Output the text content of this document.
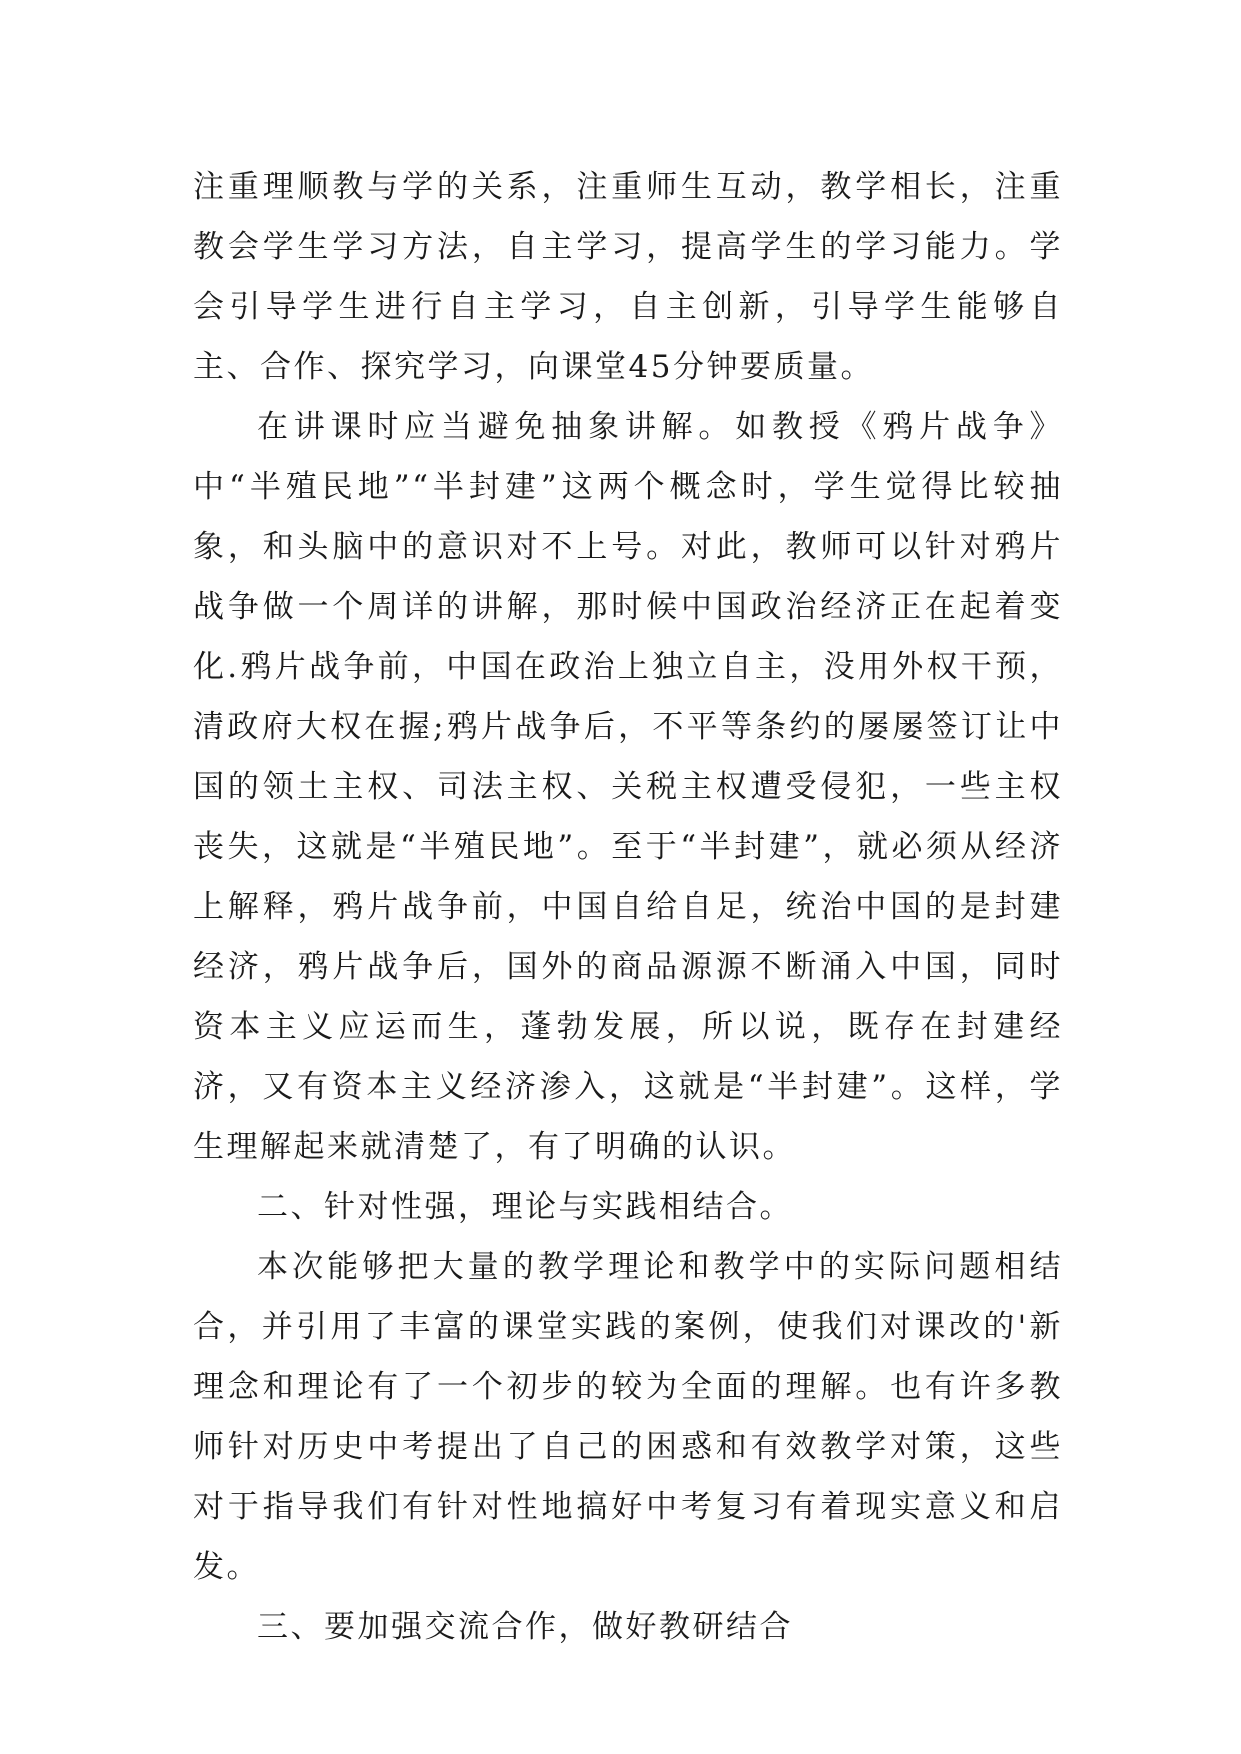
注重理顺教与学的关系，注重师生互动，教学相长，注重教会学生学习方法，自主学习，提高学生的学习能力。学会引导学生进行自主学习，自主创新，引导学生能够自主、合作、探究学习，向课堂45分钟要质量。

在讲课时应当避免抽象讲解。如教授《鸦片战争》中“半殖民地”“半封建”这两个概念时，学生觉得比较抽象，和头脑中的意识对不上号。对此，教师可以针对鸦片战争做一个周详的讲解，那时候中国政治经济正在起着变化.鸦片战争前，中国在政治上独立自主，没用外权干预，清政府大权在握;鸦片战争后，不平等条约的屡屡签订让中国的领土主权、司法主权、关税主权遭受侵犯，一些主权丧失，这就是“半殖民地”。至于“半封建”，就必须从经济上解释，鸦片战争前，中国自给自足，统治中国的是封建经济，鸦片战争后，国外的商品源源不断涌入中国，同时资本主义应运而生，蓬勃发展，所以说，既存在封建经济，又有资本主义经济渗入，这就是“半封建”。这样，学生理解起来就清楚了，有了明确的认识。

二、针对性强，理论与实践相结合。

本次能够把大量的教学理论和教学中的实际问题相结合，并引用了丰富的课堂实践的案例，使我们对课改的'新理念和理论有了一个初步的较为全面的理解。也有许多教师针对历史中考提出了自己的困惑和有效教学对策，这些对于指导我们有针对性地搞好中考复习有着现实意义和启发。

三、要加强交流合作，做好教研结合
